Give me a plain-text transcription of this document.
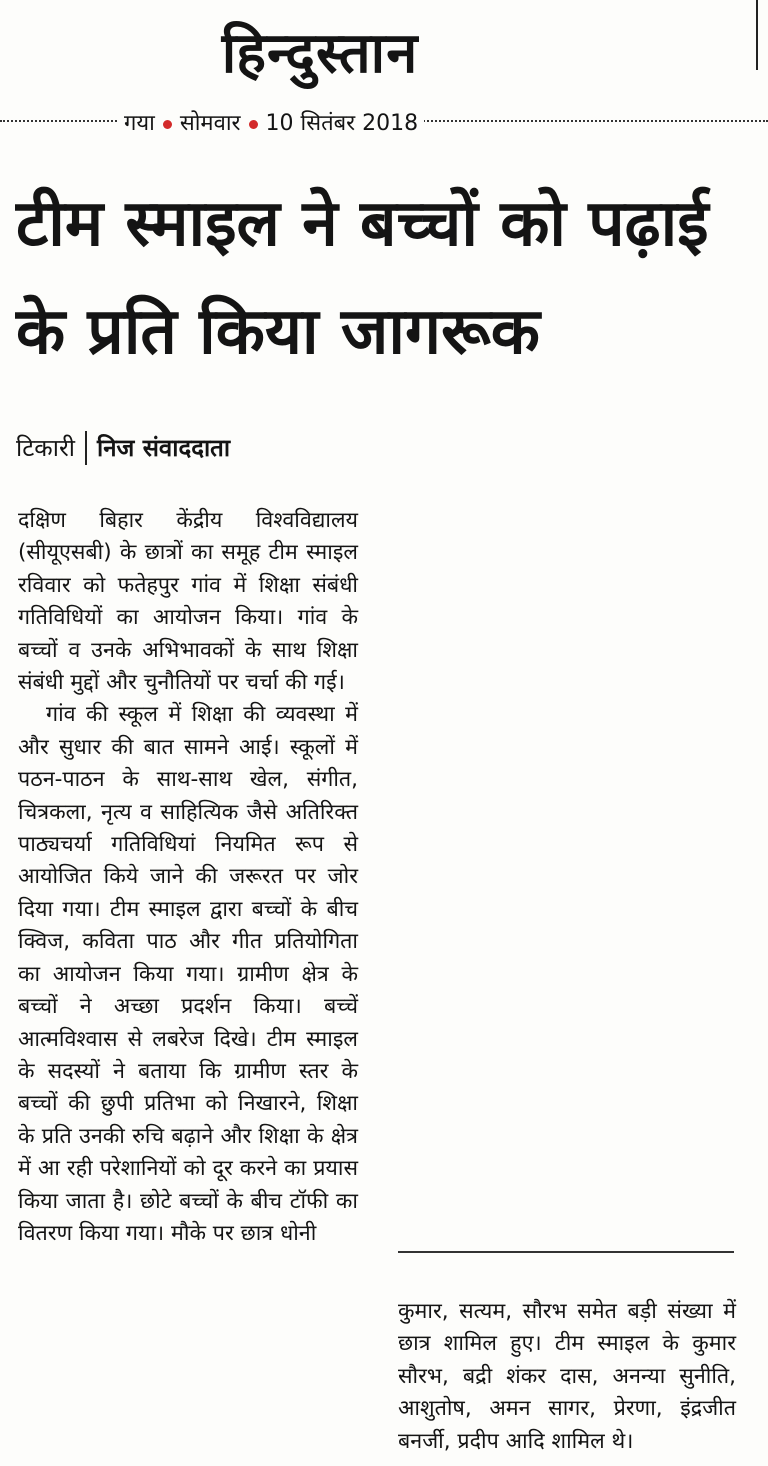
हिन्दुस्तान
गया सोमवार 10 सितंबर 2018
टीम स्माइल ने बच्चों को पढ़ाई के प्रति किया जागरूक
टिकारी निज संवाददाता

दक्षिण बिहार केंद्रीय विश्वविद्यालय (सीयूएसबी) के छात्रों का समूह टीम स्माइल रविवार को फतेहपुर गांव में शिक्षा संबंधी गतिविधियों का आयोजन किया। गांव के बच्चों व उनके अभिभावकों के साथ शिक्षा संबंधी मुद्दों और चुनौतियों पर चर्चा की गई।

गांव की स्कूल में शिक्षा की व्यवस्था में और सुधार की बात सामने आई। स्कूलों में पठन-पाठन के साथ-साथ खेल, संगीत, चित्रकला, नृत्य व साहित्यिक जैसे अतिरिक्त पाठ्यचर्या गतिविधियां नियमित रूप से आयोजित किये जाने की जरूरत पर जोर दिया गया। टीम स्माइल द्वारा बच्चों के बीच क्विज, कविता पाठ और गीत प्रतियोगिता का आयोजन किया गया। ग्रामीण क्षेत्र के बच्चों ने अच्छा प्रदर्शन किया। बच्चें आत्मविश्वास से लबरेज दिखे। टीम स्माइल के सदस्यों ने बताया कि ग्रामीण स्तर के बच्चों की छुपी प्रतिभा को निखारने, शिक्षा के प्रति उनकी रुचि बढ़ाने और शिक्षा के क्षेत्र में आ रही परेशानियों को दूर करने का प्रयास किया जाता है। छोटे बच्चों के बीच टॉफी का वितरण किया गया। मौके पर छात्र धोनी

कुमार, सत्यम, सौरभ समेत बड़ी संख्या में छात्र शामिल हुए। टीम स्माइल के कुमार सौरभ, बद्री शंकर दास, अनन्या सुनीति, आशुतोष, अमन सागर, प्रेरणा, इंद्रजीत बनर्जी, प्रदीप आदि शामिल थे।
